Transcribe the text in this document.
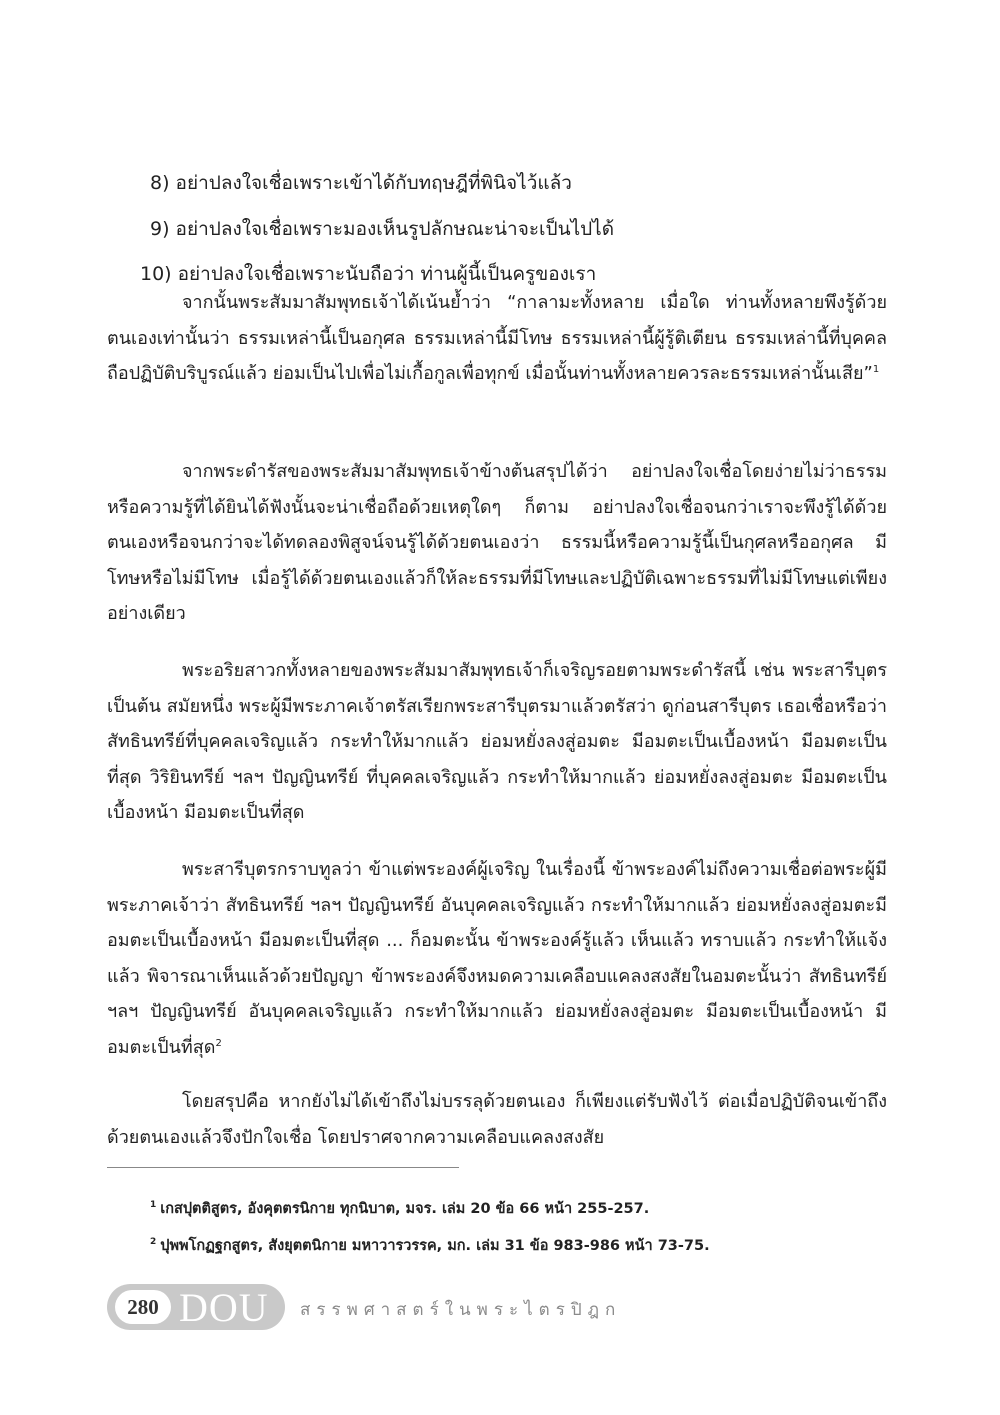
8) อย่าปลงใจเชื่อเพราะเข้าได้กับทฤษฎีที่พินิจไว้แล้ว
9) อย่าปลงใจเชื่อเพราะมองเห็นรูปลักษณะน่าจะเป็นไปได้
10) อย่าปลงใจเชื่อเพราะนับถือว่า ท่านผู้นี้เป็นครูของเรา

จากนั้นพระสัมมาสัมพุทธเจ้าได้เน้นย้ำว่า “กาลามะทั้งหลาย เมื่อใด ท่านทั้งหลายพึงรู้ด้วยตนเองเท่านั้นว่า ธรรมเหล่านี้เป็นอกุศล ธรรมเหล่านี้มีโทษ ธรรมเหล่านี้ผู้รู้ติเตียน ธรรมเหล่านี้ที่บุคคลถือปฏิบัติบริบูรณ์แล้ว ย่อมเป็นไปเพื่อไม่เกื้อกูลเพื่อทุกข์ เมื่อนั้นท่านทั้งหลายควรละธรรมเหล่านั้นเสีย”$^1$

จากพระดำรัสของพระสัมมาสัมพุทธเจ้าข้างต้นสรุปได้ว่า อย่าปลงใจเชื่อโดยง่ายไม่ว่าธรรมหรือความรู้ที่ได้ยินได้ฟังนั้นจะน่าเชื่อถือด้วยเหตุใดๆ ก็ตาม อย่าปลงใจเชื่อจนกว่าเราจะพึงรู้ได้ด้วยตนเองหรือจนกว่าจะได้ทดลองพิสูจน์จนรู้ได้ด้วยตนเองว่า ธรรมนี้หรือความรู้นี้เป็นกุศลหรืออกุศล มีโทษหรือไม่มีโทษ เมื่อรู้ได้ด้วยตนเองแล้วก็ให้ละธรรมที่มีโทษและปฏิบัติเฉพาะธรรมที่ไม่มีโทษแต่เพียงอย่างเดียว

พระอริยสาวกทั้งหลายของพระสัมมาสัมพุทธเจ้าก็เจริญรอยตามพระดำรัสนี้ เช่น พระสารีบุตร เป็นต้น สมัยหนึ่ง พระผู้มีพระภาคเจ้าตรัสเรียกพระสารีบุตรมาแล้วตรัสว่า ดูก่อนสารีบุตร เธอเชื่อหรือว่า สัทธินทรีย์ที่บุคคลเจริญแล้ว กระทำให้มากแล้ว ย่อมหยั่งลงสู่อมตะ มีอมตะเป็นเบื้องหน้า มีอมตะเป็นที่สุด วิริยินทรีย์ ฯลฯ ปัญญินทรีย์ ที่บุคคลเจริญแล้ว กระทำให้มากแล้ว ย่อมหยั่งลงสู่อมตะ มีอมตะเป็นเบื้องหน้า มีอมตะเป็นที่สุด

พระสารีบุตรกราบทูลว่า ข้าแต่พระองค์ผู้เจริญ ในเรื่องนี้ ข้าพระองค์ไม่ถึงความเชื่อต่อพระผู้มีพระภาคเจ้าว่า สัทธินทรีย์ ฯลฯ ปัญญินทรีย์ อันบุคคลเจริญแล้ว กระทำให้มากแล้ว ย่อมหยั่งลงสู่อมตะมีอมตะเป็นเบื้องหน้า มีอมตะเป็นที่สุด ... ก็อมตะนั้น ข้าพระองค์รู้แล้ว เห็นแล้ว ทราบแล้ว กระทำให้แจ้งแล้ว พิจารณาเห็นแล้วด้วยปัญญา ข้าพระองค์จึงหมดความเคลือบแคลงสงสัยในอมตะนั้นว่า สัทธินทรีย์ ฯลฯ ปัญญินทรีย์ อันบุคคลเจริญแล้ว กระทำให้มากแล้ว ย่อมหยั่งลงสู่อมตะ มีอมตะเป็นเบื้องหน้า มีอมตะเป็นที่สุด$^2$

โดยสรุปคือ หากยังไม่ได้เข้าถึงไม่บรรลุด้วยตนเอง ก็เพียงแต่รับฟังไว้ ต่อเมื่อปฏิบัติจนเข้าถึงด้วยตนเองแล้วจึงปักใจเชื่อ โดยปราศจากความเคลือบแคลงสงสัย

$^1$ เกสปุตติสูตร, อังคุตตรนิกาย ทุกนิบาต, มจร. เล่ม 20 ข้อ 66 หน้า 255-257.
$^2$ ปุพพโกฏฐกสูตร, สังยุตตนิกาย มหาวารวรรค, มก. เล่ม 31 ข้อ 983-986 หน้า 73-75.
280 DOU สรรพศาสตร์ในพระไตรปิฎก
